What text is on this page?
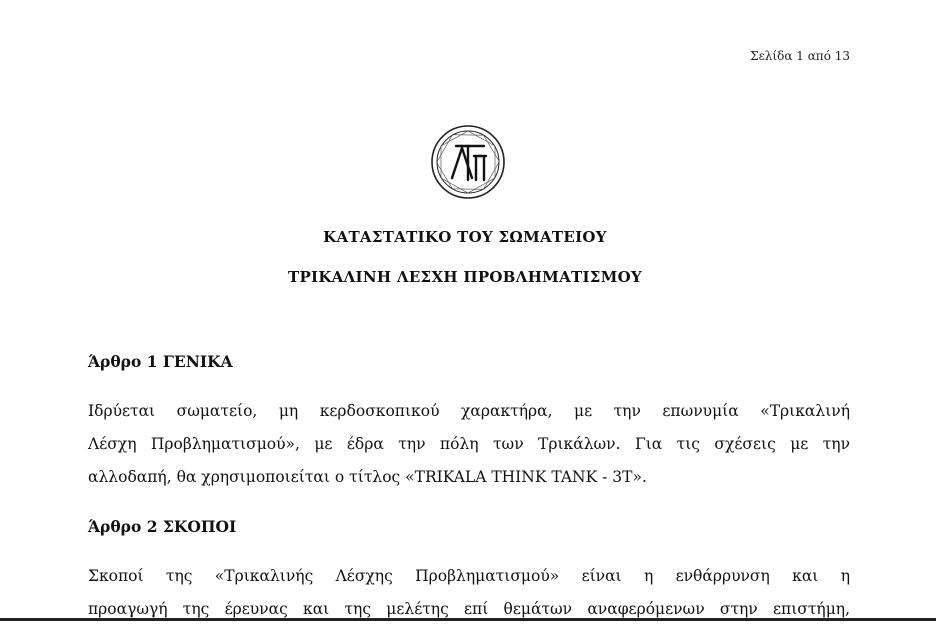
Σελίδα 1 από 13
ΚΑΤΑΣΤΑΤΙΚΟ ΤΟΥ ΣΩΜΑΤΕΙΟΥ
ΤΡΙΚΑΛΙΝΗ ΛΕΣΧΗ ΠΡΟΒΛΗΜΑΤΙΣΜΟΥ
Άρθρο 1 ΓΕΝΙΚΑ
Ιδρύεται σωματείο, μη κερδοσκοπικού χαρακτήρα, με την επωνυμία «Τρικαλινή
Λέσχη Προβληματισμού», με έδρα την πόλη των Τρικάλων. Για τις σχέσεις με την
αλλοδαπή, θα χρησιμοποιείται ο τίτλος «TRIKALA THINK TANK - 3T».
Άρθρο 2 ΣΚΟΠΟΙ
Σκοποί της «Τρικαλινής Λέσχης Προβληματισμού» είναι η ενθάρρυνση και η
προαγωγή της έρευνας και της μελέτης επί θεμάτων αναφερόμενων στην επιστήμη,
